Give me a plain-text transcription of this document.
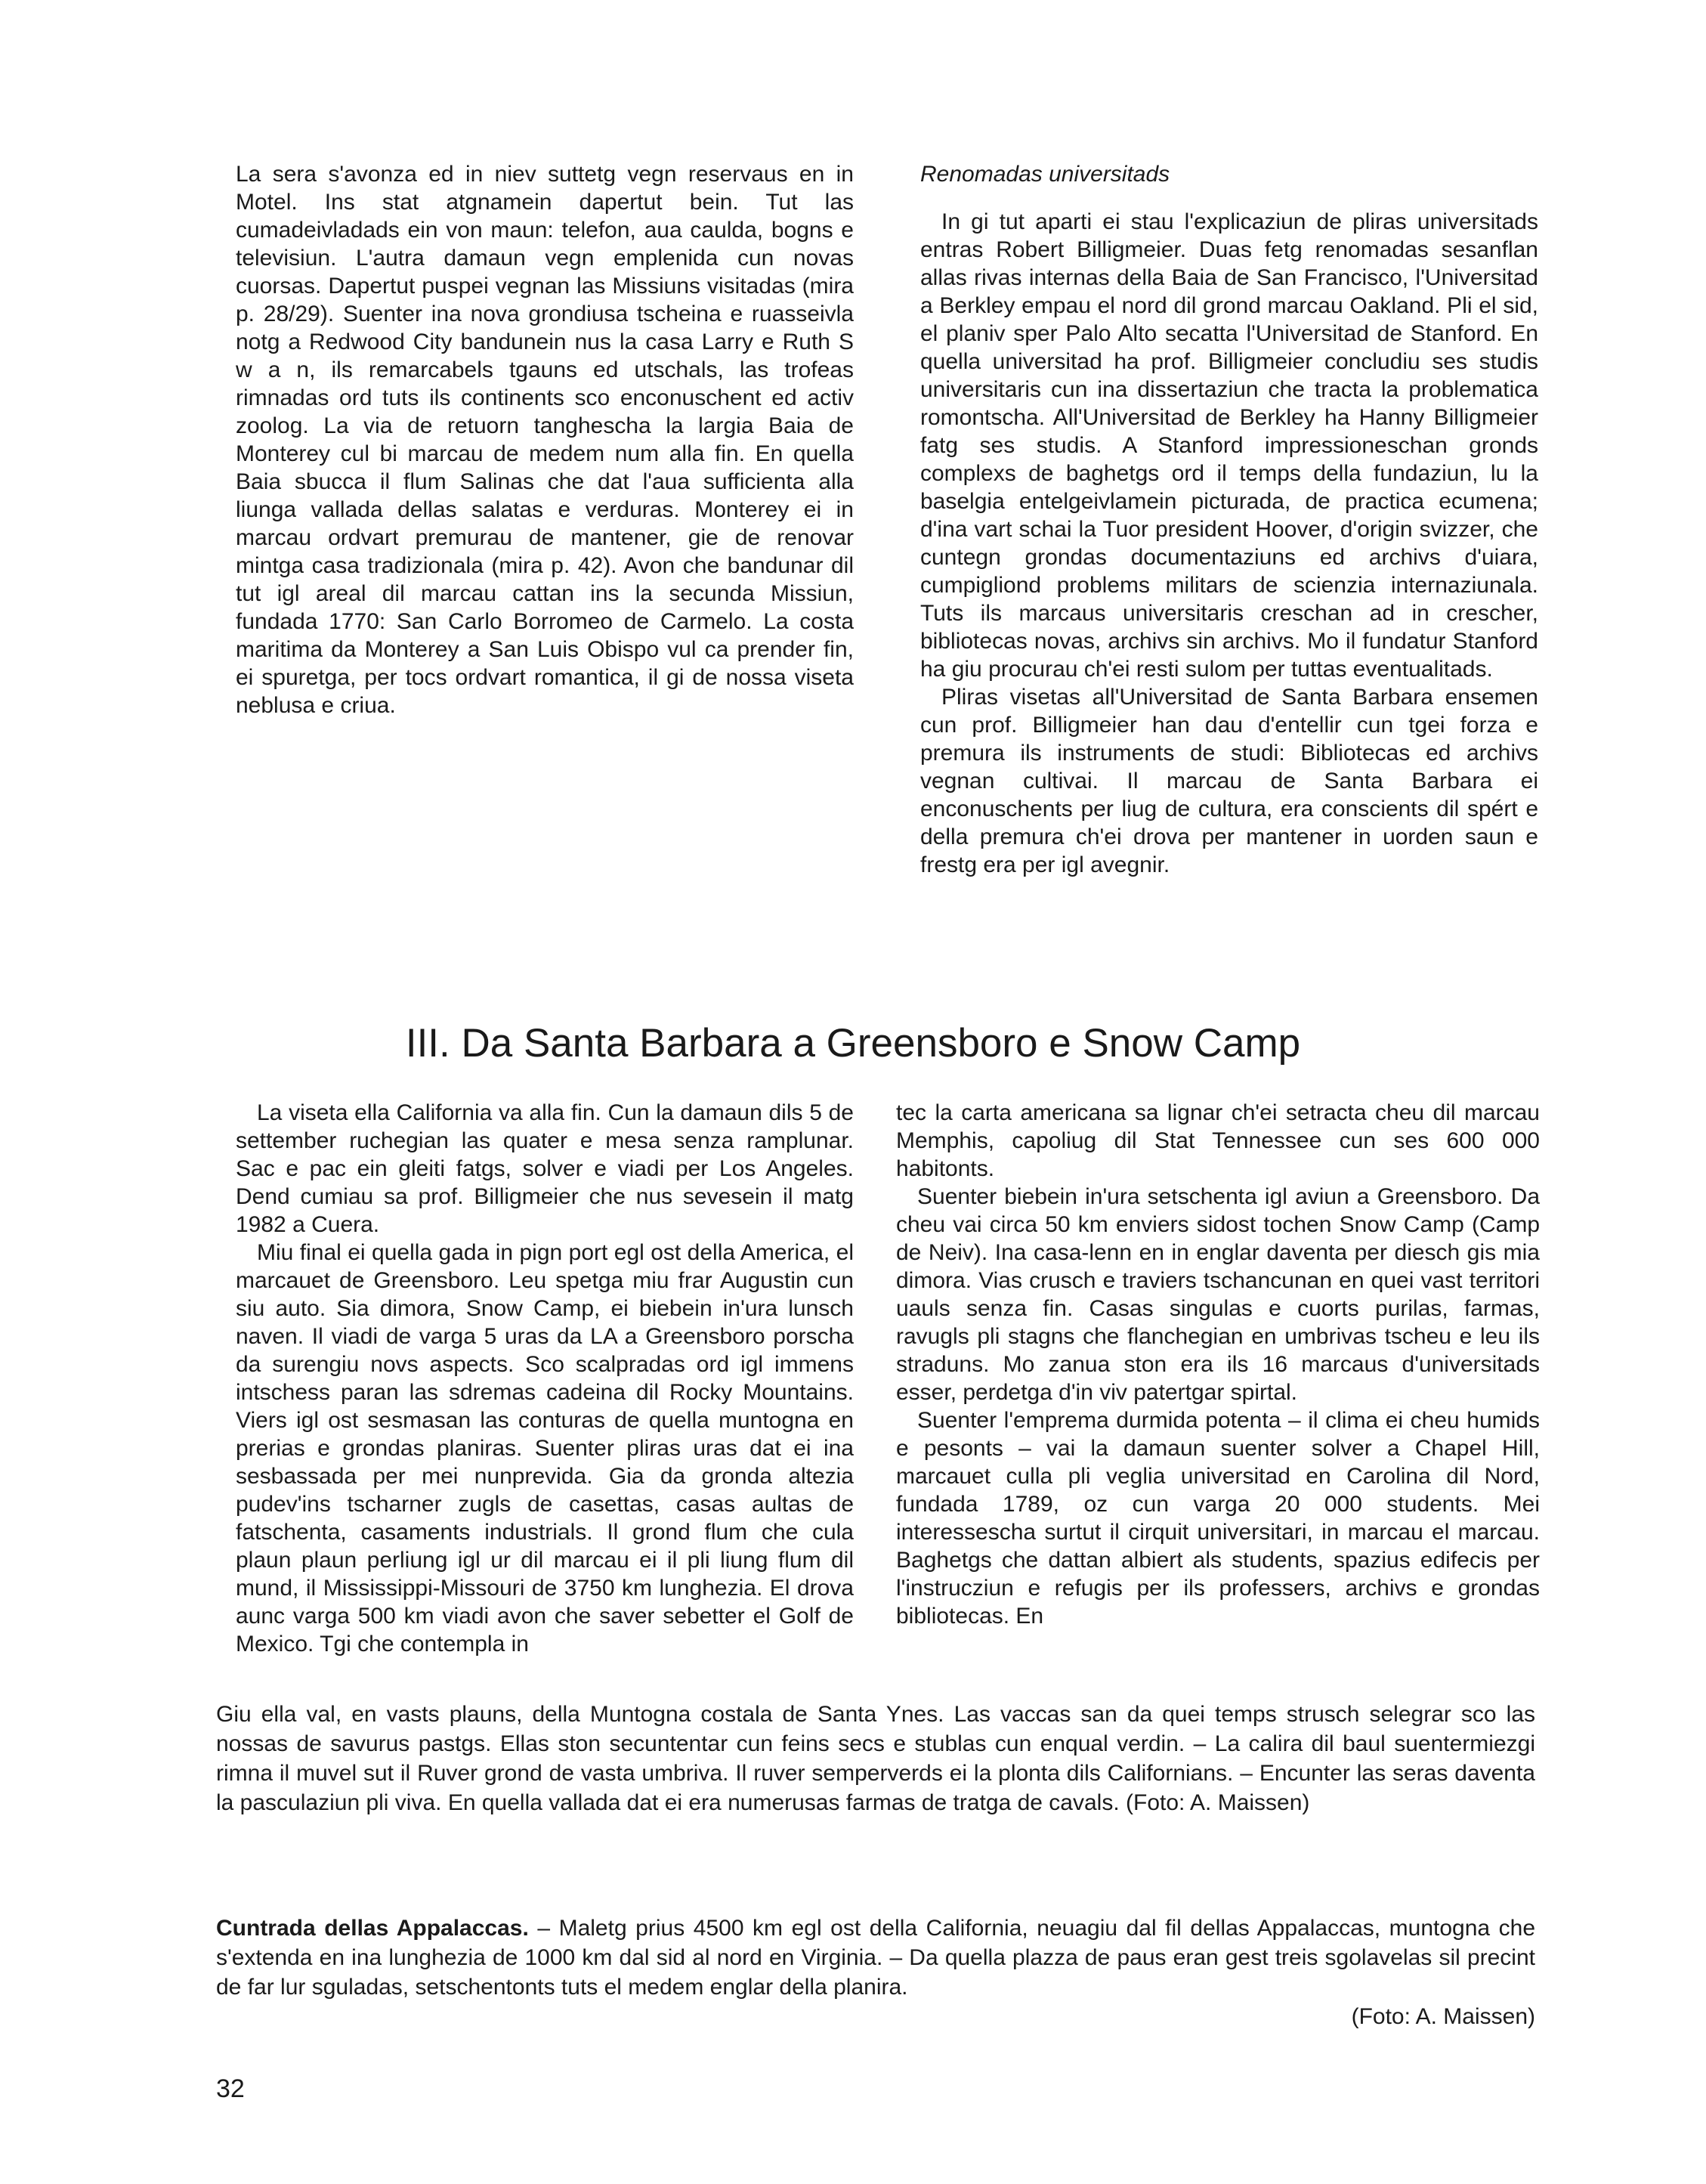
La sera s'avonza ed in niev suttetg vegn reservaus en in Motel. Ins stat atgnamein dapertut bein. Tut las cumadeivladads ein von maun: telefon, aua caulda, bogns e televisiun. L'autra damaun vegn emplenida cun novas cuorsas. Dapertut puspei vegnan las Missiuns visitadas (mira p. 28/29). Suenter ina nova grondiusa tscheina e ruasseivla notg a Redwood City bandunein nus la casa Larry e Ruth S w a n, ils remarcabels tgauns ed utschals, las trofeas rimnadas ord tuts ils continents sco enconuschent ed activ zoolog. La via de retuorn tanghescha la largia Baia de Monterey cul bi marcau de medem num alla fin. En quella Baia sbucca il flum Salinas che dat l'aua sufficienta alla liunga vallada dellas salatas e verduras. Monterey ei in marcau ordvart premurau de mantener, gie de renovar mintga casa tradizionala (mira p. 42). Avon che bandunar dil tut igl areal dil marcau cattan ins la secunda Missiun, fundada 1770: San Carlo Borromeo de Carmelo. La costa maritima da Monterey a San Luis Obispo vul ca prender fin, ei spuretga, per tocs ordvart romantica, il gi de nossa viseta neblusa e criua.

Renomadas universitads

In gi tut aparti ei stau l'explicaziun de pliras universitads entras Robert Billigmeier. Duas fetg renomadas sesanflan allas rivas internas della Baia de San Francisco, l'Universitad a Berkley empau el nord dil grond marcau Oakland. Pli el sid, el planiv sper Palo Alto secatta l'Universitad de Stanford. En quella universitad ha prof. Billigmeier concludiu ses studis universitaris cun ina dissertaziun che tracta la problematica romontscha. All'Universitad de Berkley ha Hanny Billigmeier fatg ses studis. A Stanford impressioneschan gronds complexs de baghetgs ord il temps della fundaziun, lu la baselgia entelgeivlamein picturada, de practica ecumena; d'ina vart schai la Tuor president Hoover, d'origin svizzer, che cuntegn grondas documentaziuns ed archivs d'uiara, cumpigliond problems militars de scienzia internaziunala. Tuts ils marcaus universitaris creschan ad in crescher, bibliotecas novas, archivs sin archivs. Mo il fundatur Stanford ha giu procurau ch'ei resti sulom per tuttas eventualitads.

Pliras visetas all'Universitad de Santa Barbara ensemen cun prof. Billigmeier han dau d'entellir cun tgei forza e premura ils instruments de studi: Bibliotecas ed archivs vegnan cultivai. Il marcau de Santa Barbara ei enconuschents per liug de cultura, era conscients dil spért e della premura ch'ei drova per mantener in uorden saun e frestg era per igl avegnir.

III. Da Santa Barbara a Greensboro e Snow Camp

La viseta ella California va alla fin. Cun la damaun dils 5 de settember ruchegian las quater e mesa senza ramplunar. Sac e pac ein gleiti fatgs, solver e viadi per Los Angeles. Dend cumiau sa prof. Billigmeier che nus sevesein il matg 1982 a Cuera.

Miu final ei quella gada in pign port egl ost della America, el marcauet de Greensboro. Leu spetga miu frar Augustin cun siu auto. Sia dimora, Snow Camp, ei biebein in'ura lunsch naven. Il viadi de varga 5 uras da LA a Greensboro porscha da surengiu novs aspects. Sco scalpradas ord igl immens intschess paran las sdremas cadeina dil Rocky Mountains. Viers igl ost sesmasan las conturas de quella muntogna en prerias e grondas planiras. Suenter pliras uras dat ei ina sesbassada per mei nunprevida. Gia da gronda altezia pudev'ins tscharner zugls de casettas, casas aultas de fatschenta, casaments industrials. Il grond flum che cula plaun plaun perliung igl ur dil marcau ei il pli liung flum dil mund, il Mississippi-Missouri de 3750 km lunghezia. El drova aunc varga 500 km viadi avon che saver sebetter el Golf de Mexico. Tgi che contempla in

tec la carta americana sa lignar ch'ei setracta cheu dil marcau Memphis, capoliug dil Stat Tennessee cun ses 600 000 habitonts.

Suenter biebein in'ura setschenta igl aviun a Greensboro. Da cheu vai circa 50 km enviers sidost tochen Snow Camp (Camp de Neiv). Ina casa-lenn en in englar daventa per diesch gis mia dimora. Vias crusch e traviers tschancunan en quei vast territori uauls senza fin. Casas singulas e cuorts purilas, farmas, ravugls pli stagns che flanchegian en umbrivas tscheu e leu ils straduns. Mo zanua ston era ils 16 marcaus d'universitads esser, perdetga d'in viv patertgar spirtal.

Suenter l'emprema durmida potenta – il clima ei cheu humids e pesonts – vai la damaun suenter solver a Chapel Hill, marcauet culla pli veglia universitad en Carolina dil Nord, fundada 1789, oz cun varga 20 000 students. Mei interesseschа surtut il cirquit universitari, in marcau el marcau. Baghetgs che dattan albiert als students, spazius edifecis per l'instrucziun e refugis per ils professers, archivs e grondas bibliotecas. En

Giu ella val, en vasts plauns, della Muntogna costala de Santa Ynes. Las vaccas san da quei temps strusch selegrar sco las nossas de savurus pastgs. Ellas ston secuntentar cun feins secs e stublas cun enqual verdin. – La calira dil baul suentermiezgi rimna il muvel sut il Ruver grond de vasta umbriva. Il ruver semperverds ei la plonta dils Californians. – Encunter las seras daventa la pasculaziun pli viva. En quella vallada dat ei era numerusas farmas de tratga de cavals. (Foto: A. Maissen)
Cuntrada dellas Appalaccas. – Maletg prius 4500 km egl ost della California, neuagiu dal fil dellas Appalaccas, muntogna che s'extenda en ina lunghezia de 1000 km dal sid al nord en Virginia. – Da quella plazza de paus eran gest treis sgolavelas sil precint de far lur sguladas, setschentonts tuts el medem englar della planira.
(Foto: A. Maissen)
32
